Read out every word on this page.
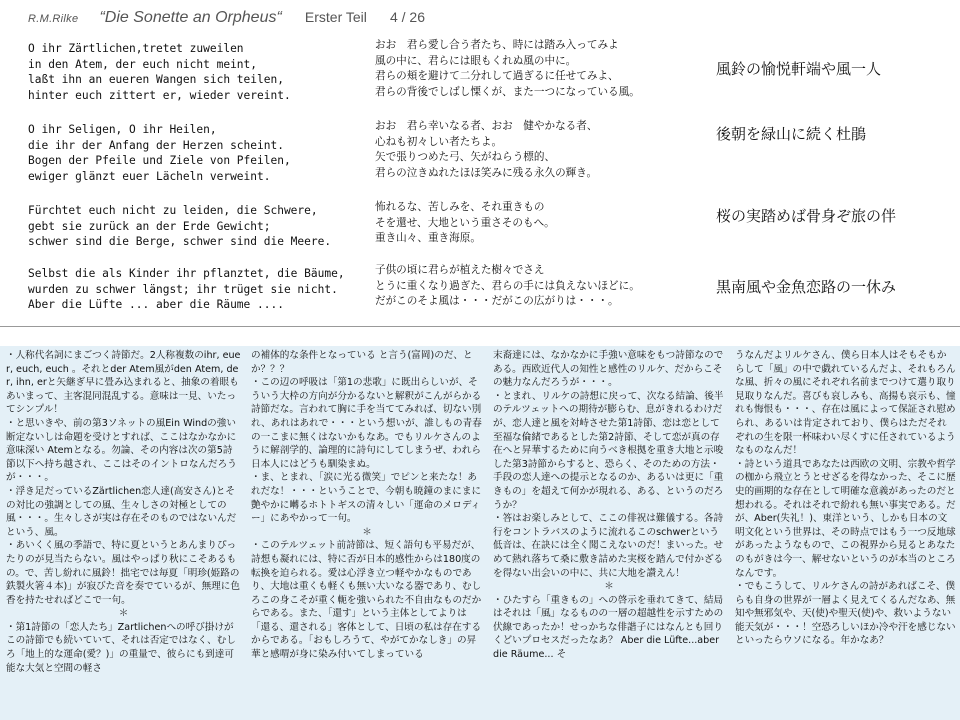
R.M.Rilke “Die Sonette an Orpheus“ Erster Teil 4 / 26
O ihr Zärtlichen,tretet zuweilen
in den Atem, der euch nicht meint,
laßt ihn an eueren Wangen sich teilen,
hinter euch zittert er, wieder vereint.
O ihr Seligen, O ihr Heilen,
die ihr der Anfang der Herzen scheint.
Bogen der Pfeile und Ziele von Pfeilen,
ewiger glänzt euer Lächeln verweint.
Fürchtet euch nicht zu leiden, die Schwere,
gebt sie zurück an der Erde Gewicht;
schwer sind die Berge, schwer sind die Meere.
Selbst die als Kinder ihr pflanztet, die Bäume,
wurden zu schwer längst; ihr trüget sie nicht.
Aber die Lüfte ... aber die Räume ....
おお　君ら愛し合う者たち、時には踏み入ってみよ
風の中に、君らには眼もくれぬ風の中に。
君らの頬を避けて二分れして過ぎるに任せてみよ、
君らの背後でしばし慄くが、また一つになっている風。
おお　君ら幸いなる者、おお　健やかなる者、
心ねも初々しい者たちよ。
矢で張りつめた弓、矢がねらう標的、
君らの泣きぬれたほほ笑みに残る永久の輝き。
怖れるな、苦しみを、それ重きもの
そを還せ、大地という重さそのもへ。
重き山々、重き海原。
子供の頃に君らが植えた樹々でさえ
とうに重くなり過ぎた、君らの手には負えないほどに。
だがこのそよ風は・・・だがこの広がりは・・・。
風鈴の愉悦軒端や風一人
後朝を緑山に続く杜鵑
桜の実踏めば骨身ぞ旅の伴
黒南風や金魚恋路の一休み

・人称代名詞にまごつく詩節だ。2人称複数のihr, euer, euch, euch 。それとder Atem風がden Atem, der, ihn, erと矢継ぎ早に畳み込まれると、抽象の着眼もあいまって、主客混同混乱する。意味は一見、いたってシンプル！

・と思いきや、前の第3ソネットの風Ein Windの強い断定ないしは命題を受けとすれば、ここはなかなかに意味深い Atemとなる。勿論、その内容は次の第5詩節以下へ持ち越され、ここはそのイントロなんだろうが・・・。

・浮き足だっているZärtlichen恋人達(高安さん)とその対比の強調としての風、生々しさの対極としての風・・・。生々しさが実は存在そのものではないんだという、風。

・あいくく風の季語で、特に夏というとあんまりぴったりのが見当たらない。風はやっぱり秋にこそあるもの。で、苦し紛れに風鈴！拙宅では毎夏「明珍(姫路の鉄製火箸４本)」が寂びた音を奏でているが、無理に色香を持たせればどこで一句。

＊

・第1詩節の「恋人たち」Zartlichenへの呼び掛けがこの詩節でも続いていて、それは否定ではなく、むしろ「地上的な運命(愛？)」の重量で、彼らにも到達可能な大気と空間の軽さ

の補体的な条件となっている と言う(富岡)のだ、とか？？？

・この辺の呼吸は「第1の悲歌」に既出らしいが、そういう大枠の方向が分かるないと解釈がこんがらかる詩節だな。言われて胸に手を当ててみれば、切ない別れ、あれはあれで・・・という想いが、誰しもの青春の一こまに無くはないかもなあ。でもリルケさんのように解剖学的、論理的に詩句にしてしまうぜ、われら日本人にはどうも馴染まぬ。

・ま、とまれ、「涙に光る微笑」でピンと来たな！あれだな！・・・ということで、今朝も暁鐘のまにまに艶やかに囀るホトトギスの清々しい「運命のメロディー」にあやかって一句。

＊

・このテルツェット前詩節は、短く語句も平易だが、詩想も凝れには、特に否が日本的感性からは180度の転換を迫られる。愛は心浮き立つ軽やかなものであり、大地は重くも軽くも無い大いなる器であり、むしろこの身こそが重く軛を強いられた不自由なものだからである。また、「還す」という主体としてよりは「還る、還される」客体として、日頃の私は存在するからである。「おもしろうて、やがてかなしき」の昇華と感喟が身に染み付いてしまっている

末裔達には、なかなかに手強い意味をもつ詩節なのである。西欧近代人の知性と感性のリルケ、だからこその魅力なんだろうが・・・。

・とまれ、リルケの詩想に戻って、次なる結論、後半のテルツェットへの期待が膨らむ、息がきれるわけだが、恋人達と風を対峙させた第1詩節、恋は恋として至福な倫緒であるとした第2詩節、そして恋が真の存在へと昇華するために向うべき根拠を重き大地と示唆した第3詩節からすると、恐らく、そのための方法・手段の恋人達への提示となるのか、あるいは更に「重きもの」を超えて何かが現れる、ある、というのだろうか？

・答はお楽しみとして、ここの俳祝は難儀する。各詩行をコントラバスのように流れるこのschwerという低音は、在訣には全く聞こえないのだ！まいった。せめて熱れ落ちて桑に敷き詰めた実桜を踏んで付かざるを得ない出会いの中に、共に大地を讃えん！

＊

・ひたすら「重きもの」への啓示を垂れてきて、結局はそれは「風」なるものの一層の超越性を示すための伏線であったか！せっかちな俳諧子にはなんとも回りくどいプロセスだったなあ？ Aber die Lüfte...aber die Räume... そ

うなんだよリルケさん、僕ら日本人はそもそもからして「風」の中で戯れているんだよ、それもろんな風、折々の風にそれぞれ名前までつけて選り取り見取りなんだ。喜びも哀しみも、高揚も哀示も、憧れも悔恨も・・・、存在は風によって保証され慰められ、あるいは肯定されており、僕らはただそれぞれの生を限一杯味わい尽くすに任されているようなものなんだ！

・詩という道具であなたは西欧の文明、宗教や哲学の枷から飛立とうとせざるを得なかった、そこに歴史的画期的な存在として明確な意義があったのだと想われる。それはそれで紛れも無い事実である。だが、Aber(失礼！)、東洋という、しかも日本の文明文化という世界は、その時点ではもう一つ反地球があったようなもので、この視界から見るとあなたのもがきは今一、解せないというのが本当のところなんです。

・でもこうして、リルケさんの詩があればこそ、僕らも自身の世界が一層よく見えてくるんだなあ、無知や無邪気や、天(使)や聖天(使)や、救いようない能天気が・・・！空恐ろしいほか冷や汗を感じないといったらウソになる。年かなあ？
